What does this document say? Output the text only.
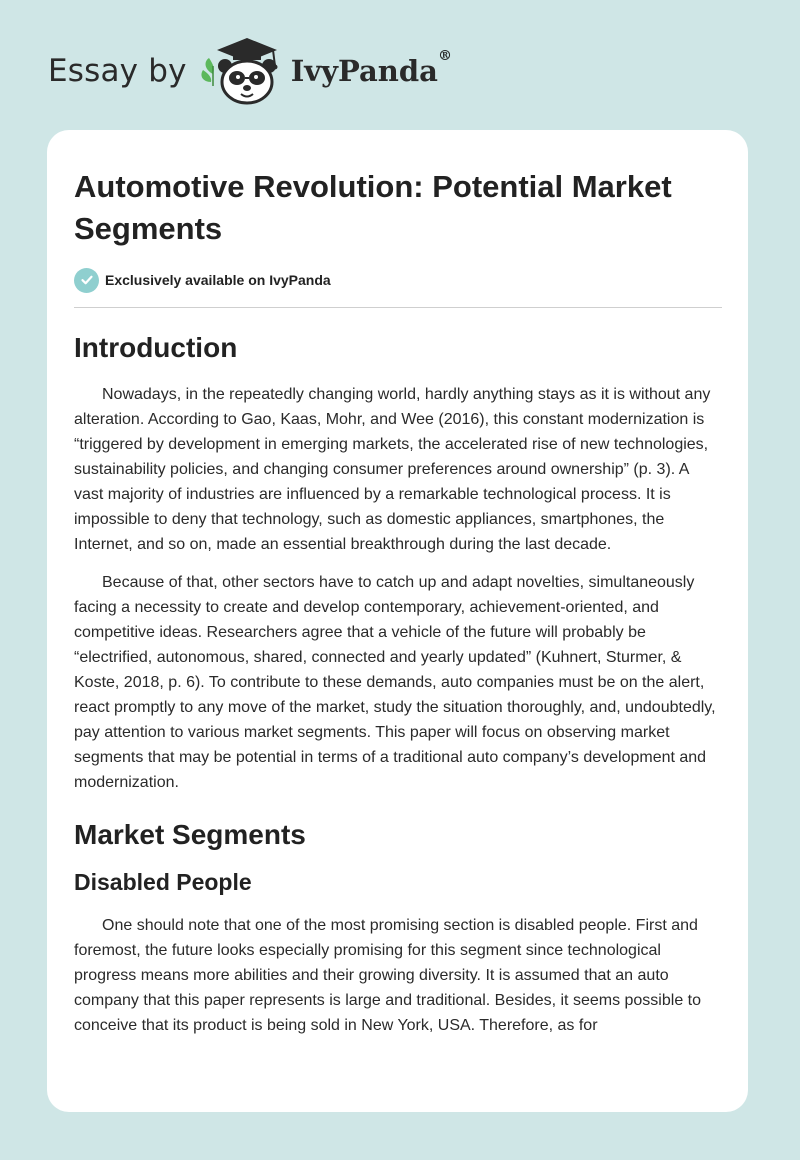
Essay by	IvyPanda®
Automotive Revolution: Potential Market Segments
Exclusively available on IvyPanda
Introduction

Nowadays, in the repeatedly changing world, hardly anything stays as it is without any alteration. According to Gao, Kaas, Mohr, and Wee (2016), this constant modernization is “triggered by development in emerging markets, the accelerated rise of new technologies, sustainability policies, and changing consumer preferences around ownership” (p. 3). A vast majority of industries are influenced by a remarkable technological process. It is impossible to deny that technology, such as domestic appliances, smartphones, the Internet, and so on, made an essential breakthrough during the last decade.

Because of that, other sectors have to catch up and adapt novelties, simultaneously facing a necessity to create and develop contemporary, achievement-oriented, and competitive ideas. Researchers agree that a vehicle of the future will probably be “electrified, autonomous, shared, connected and yearly updated” (Kuhnert, Sturmer, & Koste, 2018, p. 6). To contribute to these demands, auto companies must be on the alert, react promptly to any move of the market, study the situation thoroughly, and, undoubtedly, pay attention to various market segments. This paper will focus on observing market segments that may be potential in terms of a traditional auto company’s development and modernization.

Market Segments
Disabled People

One should note that one of the most promising section is disabled people. First and foremost, the future looks especially promising for this segment since technological progress means more abilities and their growing diversity. It is assumed that an auto company that this paper represents is large and traditional. Besides, it seems possible to conceive that its product is being sold in New York, USA. Therefore, as for
